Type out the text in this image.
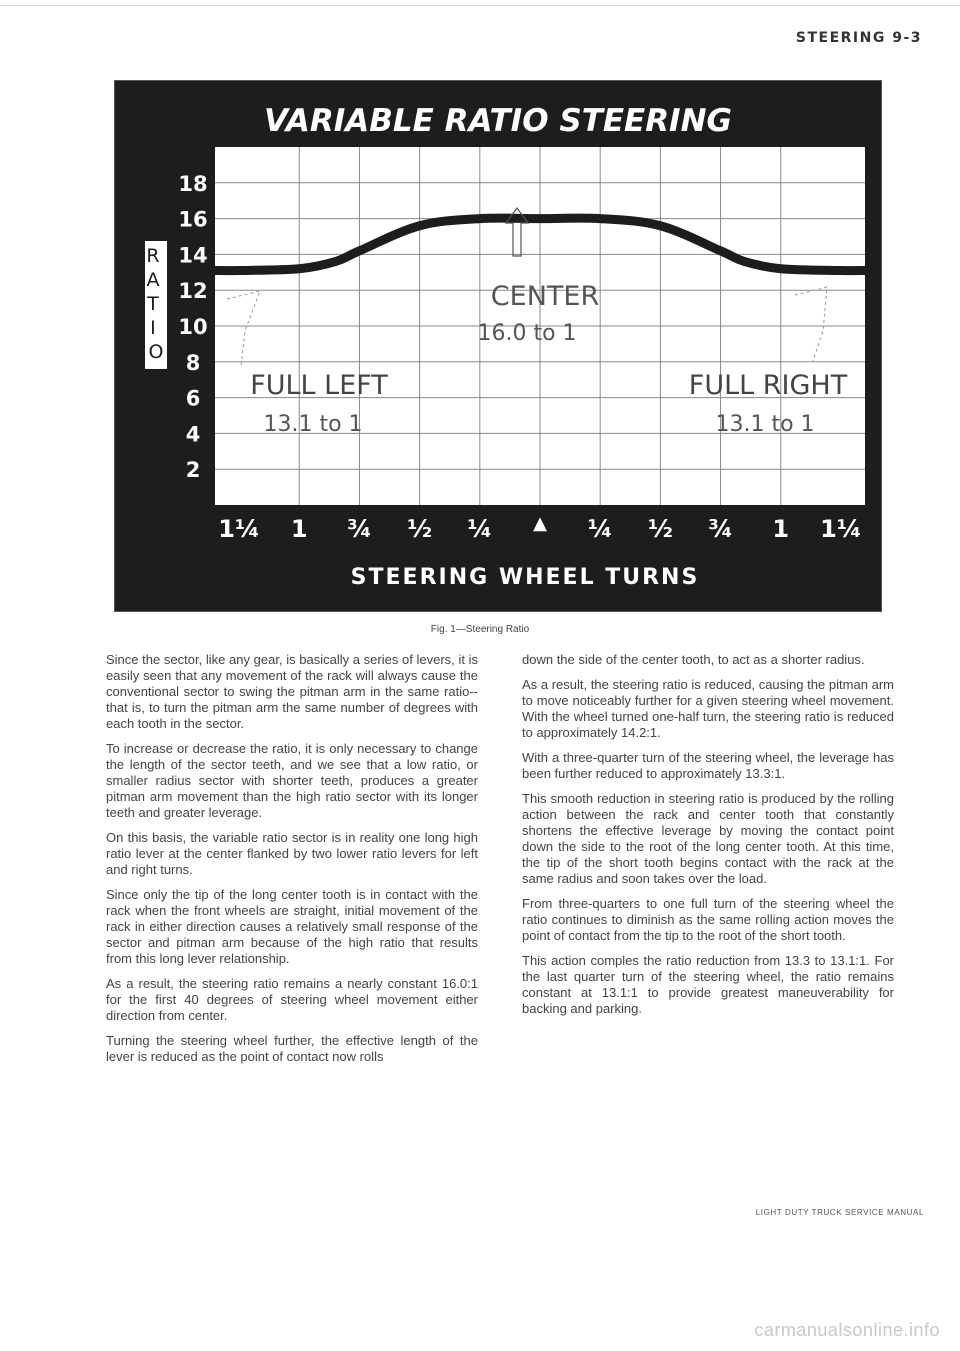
STEERING 9-3
VARIABLE RATIO STEERING
R A T I O
18
16
14
12
10
8
6
4
2
CENTER
16.0 to 1
FULL LEFT
13.1 to 1
FULL RIGHT
13.1 to 1
1¼ 1 ¾ ½ ¼ ▲ ¼ ½ ¾ 1 1¼
STEERING WHEEL TURNS
Fig. 1—Steering Ratio

Since the sector, like any gear, is basically a series of levers, it is easily seen that any movement of the rack will always cause the conventional sector to swing the pitman arm in the same ratio--that is, to turn the pitman arm the same number of degrees with each tooth in the sector.

To increase or decrease the ratio, it is only necessary to change the length of the sector teeth, and we see that a low ratio, or smaller radius sector with shorter teeth, produces a greater pitman arm movement than the high ratio sector with its longer teeth and greater leverage.

On this basis, the variable ratio sector is in reality one long high ratio lever at the center flanked by two lower ratio levers for left and right turns.

Since only the tip of the long center tooth is in contact with the rack when the front wheels are straight, initial movement of the rack in either direction causes a relatively small response of the sector and pitman arm because of the high ratio that results from this long lever relationship.

As a result, the steering ratio remains a nearly constant 16.0:1 for the first 40 degrees of steering wheel movement either direction from center.

Turning the steering wheel further, the effective length of the lever is reduced as the point of contact now rolls

down the side of the center tooth, to act as a shorter radius.

As a result, the steering ratio is reduced, causing the pitman arm to move noticeably further for a given steering wheel movement. With the wheel turned one-half turn, the steering ratio is reduced to approximately 14.2:1.

With a three-quarter turn of the steering wheel, the leverage has been further reduced to approximately 13.3:1.

This smooth reduction in steering ratio is produced by the rolling action between the rack and center tooth that constantly shortens the effective leverage by moving the contact point down the side to the root of the long center tooth. At this time, the tip of the short tooth begins contact with the rack at the same radius and soon takes over the load.

From three-quarters to one full turn of the steering wheel the ratio continues to diminish as the same rolling action moves the point of contact from the tip to the root of the short tooth.

This action comples the ratio reduction from 13.3 to 13.1:1. For the last quarter turn of the steering wheel, the ratio remains constant at 13.1:1 to provide greatest maneuverability for backing and parking.

LIGHT DUTY TRUCK SERVICE MANUAL
carmanualsonline.info
